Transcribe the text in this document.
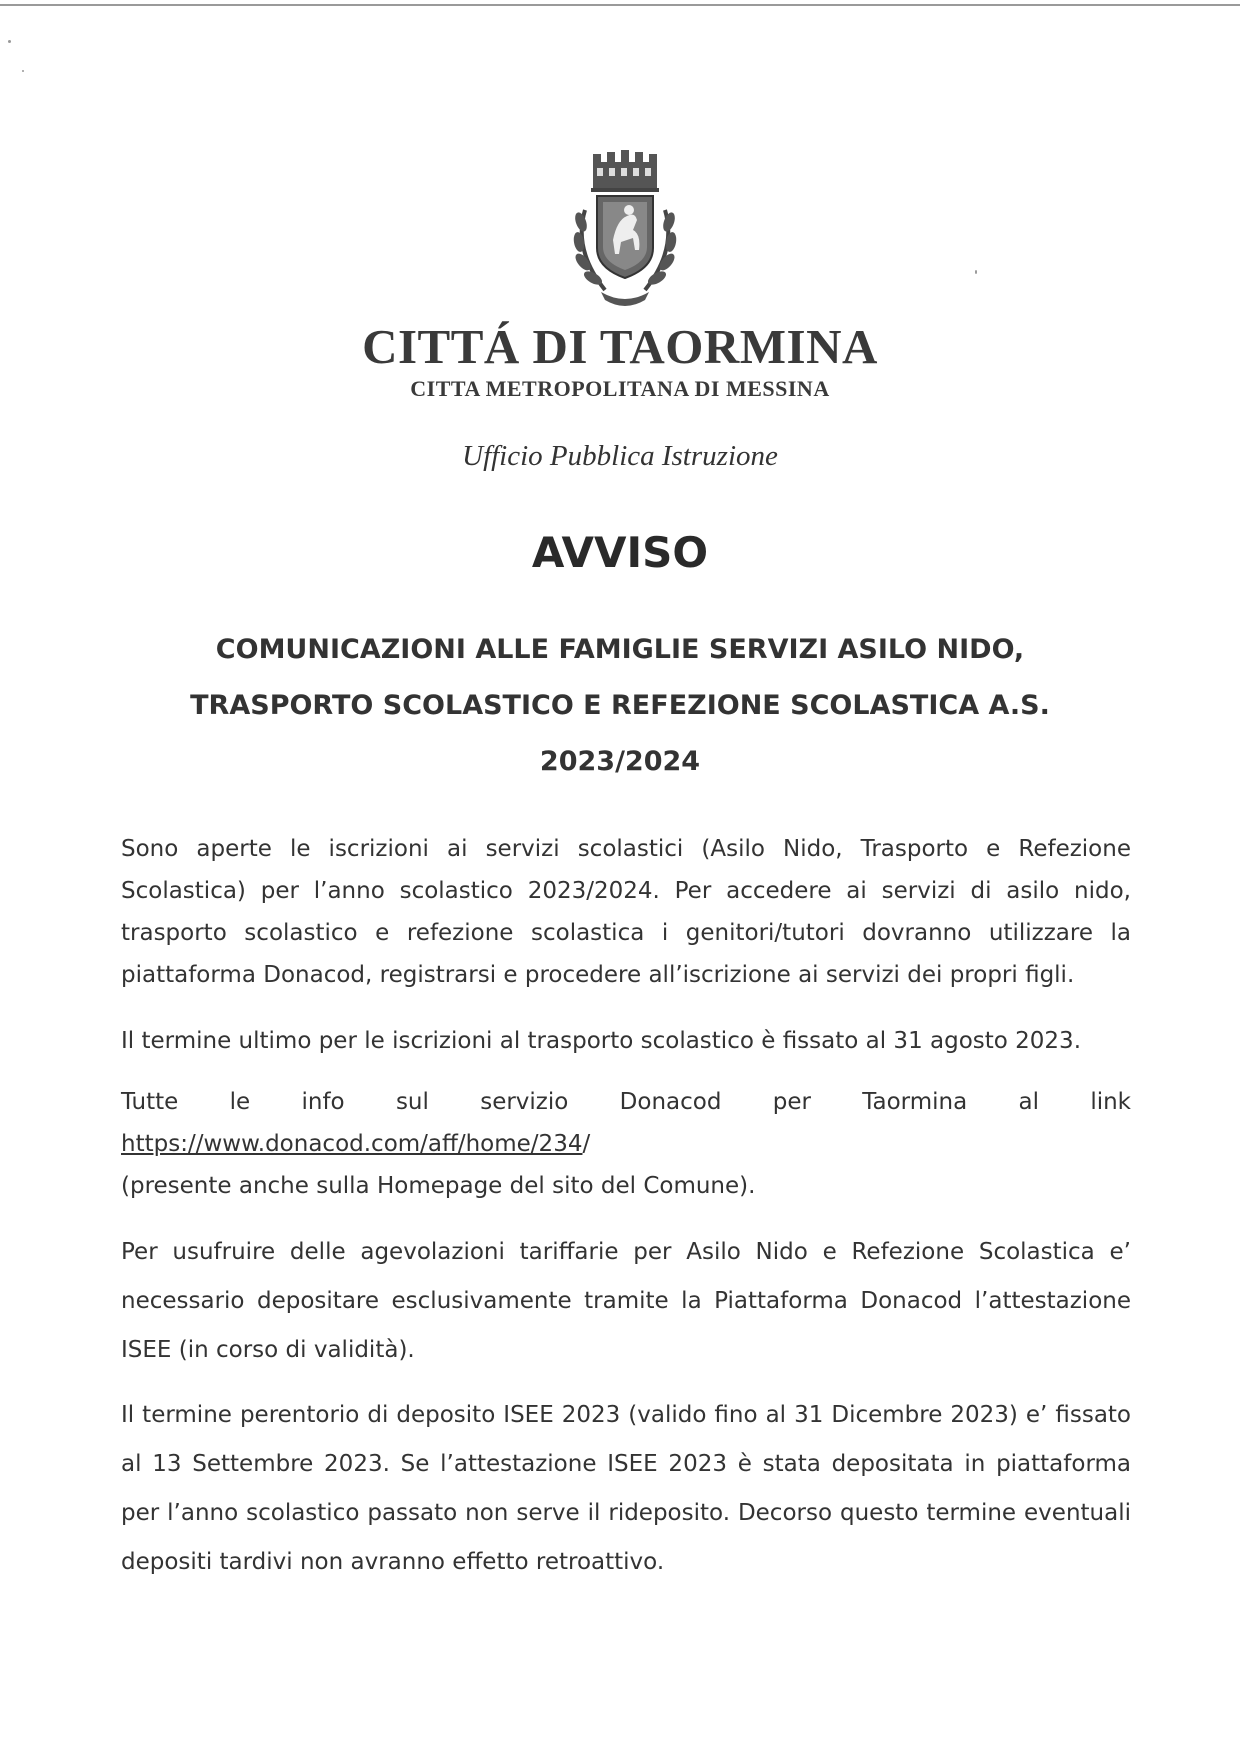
CITTÁ DI TAORMINA
CITTA METROPOLITANA DI MESSINA
Ufficio Pubblica Istruzione
AVVISO
COMUNICAZIONI ALLE FAMIGLIE SERVIZI ASILO NIDO,
TRASPORTO SCOLASTICO E REFEZIONE SCOLASTICA A.S.
2023/2024
Sono aperte le iscrizioni ai servizi scolastici (Asilo Nido, Trasporto e Refezione Scolastica) per l’anno scolastico 2023/2024. Per accedere ai servizi di asilo nido, trasporto scolastico e refezione scolastica i genitori/tutori dovranno utilizzare la piattaforma Donacod, registrarsi e procedere all’iscrizione ai servizi dei propri figli.
Il termine ultimo per le iscrizioni al trasporto scolastico è fissato al 31 agosto 2023.
Tutte le info sul servizio Donacod per Taormina al link
https://www.donacod.com/aff/home/234/
(presente anche sulla Homepage del sito del Comune).
Per usufruire delle agevolazioni tariffarie per Asilo Nido e Refezione Scolastica e’ necessario depositare esclusivamente tramite la Piattaforma Donacod l’attestazione ISEE (in corso di validità).
Il termine perentorio di deposito ISEE 2023 (valido fino al 31 Dicembre 2023) e’ fissato al 13 Settembre 2023. Se l’attestazione ISEE 2023 è stata depositata in piattaforma per l’anno scolastico passato non serve il rideposito. Decorso questo termine eventuali depositi tardivi non avranno effetto retroattivo.
